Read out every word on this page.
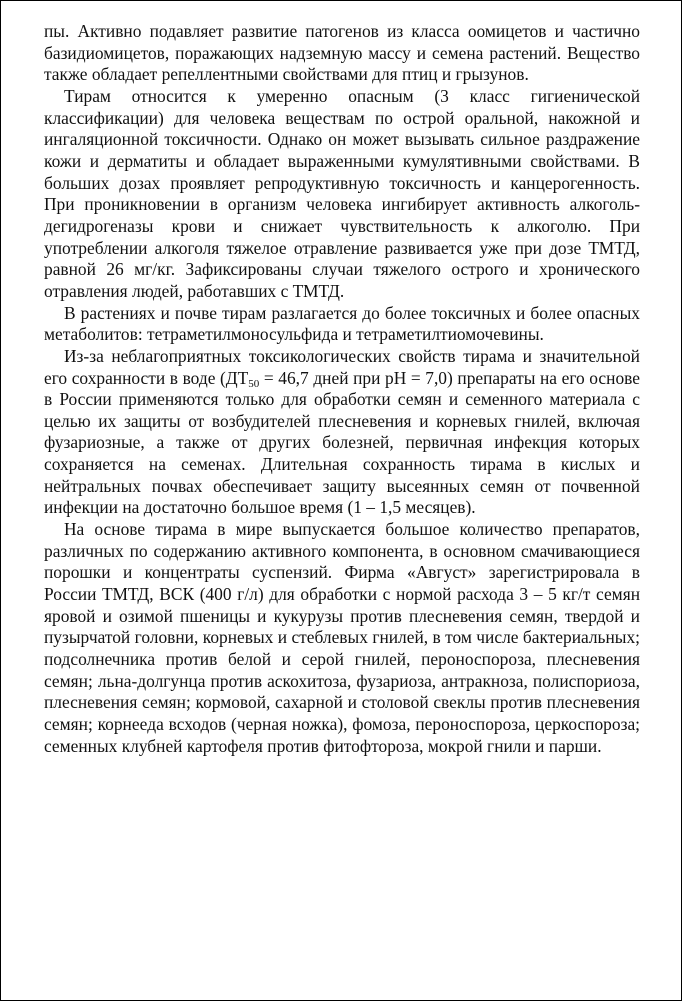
пы. Активно подавляет развитие патогенов из класса оомицетов и частично базидиомицетов, поражающих надземную массу и семена растений. Вещество также обладает репеллентными свойствами для птиц и грызунов.

Тирам относится к умеренно опасным (3 класс гигиенической классификации) для человека веществам по острой оральной, накожной и ингаляционной токсичности. Однако он может вызывать сильное раздражение кожи и дерматиты и обладает выраженными кумулятивными свойствами. В больших дозах проявляет репродуктивную токсичность и канцерогенность. При проникновении в организм человека ингибирует активность алкоголь-дегидрогеназы крови и снижает чувствительность к алкоголю. При употреблении алкоголя тяжелое отравление развивается уже при дозе ТМТД, равной 26 мг/кг. Зафиксированы случаи тяжелого острого и хронического отравления людей, работавших с ТМТД.

В растениях и почве тирам разлагается до более токсичных и более опасных метаболитов: тетраметилмоносульфида и тетраметилтиомочевины.

Из-за неблагоприятных токсикологических свойств тирама и значительной его сохранности в воде ($ДТ_{50} = 46,7$ дней при pH = 7,0) препараты на его основе в России применяются только для обработки семян и семенного материала с целью их защиты от возбудителей плесневения и корневых гнилей, включая фузариозные, а также от других болезней, первичная инфекция которых сохраняется на семенах. Длительная сохранность тирама в кислых и нейтральных почвах обеспечивает защиту высеянных семян от почвенной инфекции на достаточно большое время (1 – 1,5 месяцев).

На основе тирама в мире выпускается большое количество препаратов, различных по содержанию активного компонента, в основном смачивающиеся порошки и концентраты суспензий. Фирма «Август» зарегистрировала в России ТМТД, ВСК (400 г/л) для обработки с нормой расхода 3 – 5 кг/т семян яровой и озимой пшеницы и кукурузы против плесневения семян, твердой и пузырчатой головни, корневых и стеблевых гнилей, в том числе бактериальных; подсолнечника против белой и серой гнилей, пероноспороза, плесневения семян; льна-долгунца против аскохитоза, фузариоза, антракноза, полиспориоза, плесневения семян; кормовой, сахарной и столовой свеклы против плесневения семян; корнеeда всходов (черная ножка), фомоза, пероноспороза, церкоспороза; семенных клубней картофеля против фитофтороза, мокрой гнили и парши.
